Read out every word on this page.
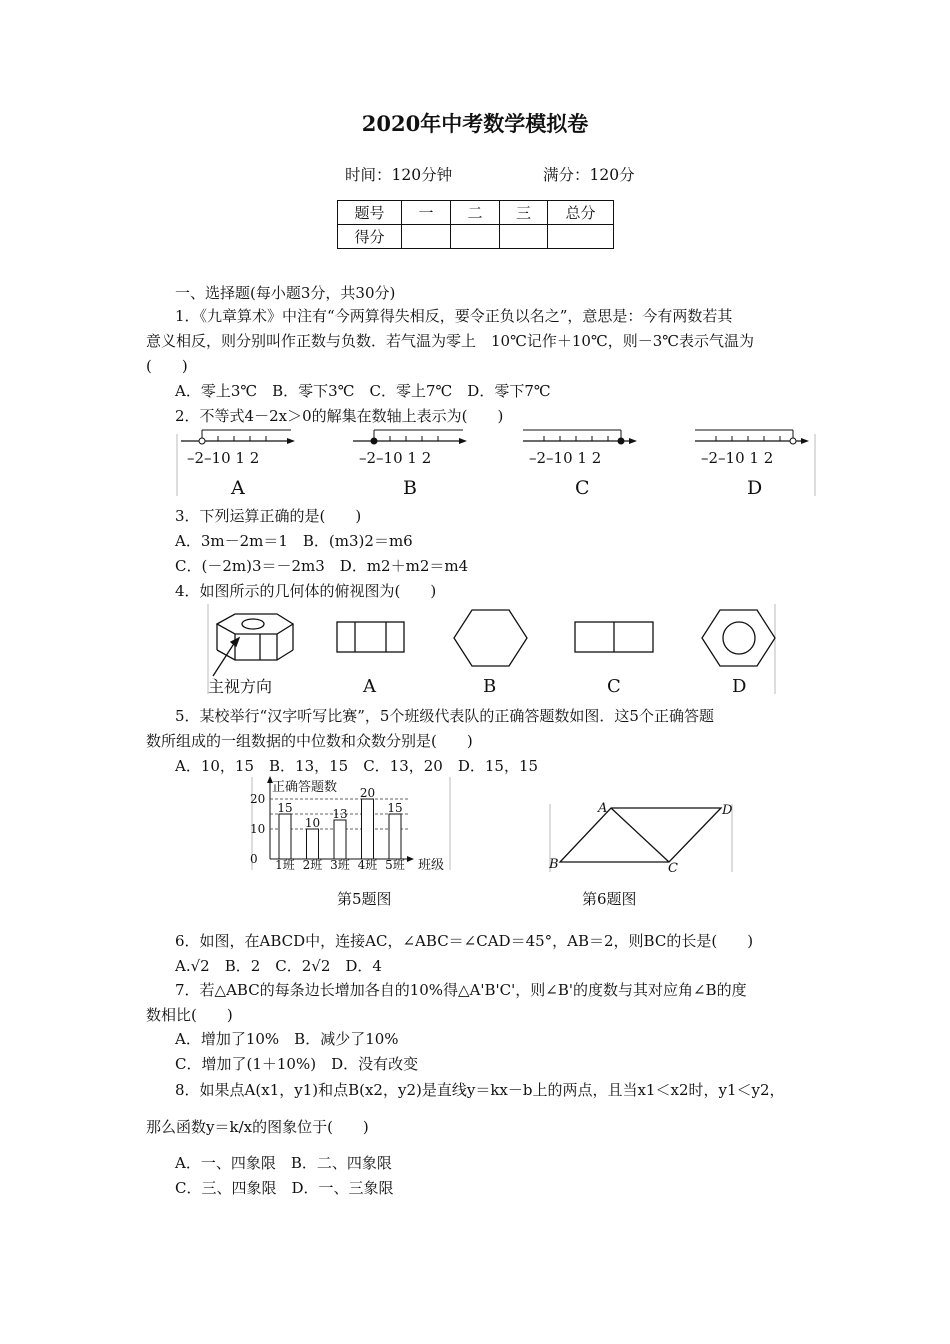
2020年中考数学模拟卷
时间：120分钟	满分：120分
题号	一	二	三	总分
得分				
一、选择题(每小题3分，共30分)
1．《九章算术》中注有“今两算得失相反，要令正负以名之”，意思是：今有两数若其
意义相反，则分别叫作正数与负数．若气温为零上　10℃记作＋10℃，则－3℃表示气温为
(　　)
A．零上3℃　B．零下3℃　C．零上7℃　D．零下7℃
2．不等式4－2x＞0的解集在数轴上表示为(　　)
–2–10 1 2
A
–2–10 1 2
B
–2–10 1 2
C
–2–10 1 2
D
3．下列运算正确的是(　　)
A．3m－2m＝1　B．(m3)2＝m6
C．(－2m)3＝－2m3　D．m2＋m2＝m4
4．如图所示的几何体的俯视图为(　　)
主视方向	A	B	C	D
5．某校举行“汉字听写比赛”，5个班级代表队的正确答题数如图．这5个正确答题
数所组成的一组数据的中位数和众数分别是(　　)
A．10，15　B．13，15　C．13，20　D．15，15
正确答题数
班级
0
10
20
15
1班
10
2班
13
3班
20
4班
15
5班
A	D
B	C
第5题图	第6题图
6．如图，在ABCD中，连接AC，∠ABC＝∠CAD＝45°，AB＝2，则BC的长是(　　)
A.√2　B．2　C．2√2　D．4
7．若△ABC的每条边长增加各自的10%得△A'B'C'，则∠B'的度数与其对应角∠B的度
数相比(　　)
A．增加了10%　B．减少了10%
C．增加了(1＋10%)　D．没有改变
8．如果点A(x1，y1)和点B(x2，y2)是直线y＝kx－b上的两点，且当x1＜x2时，y1＜y2，
那么函数y＝k/x的图象位于(　　)
A．一、四象限　B．二、四象限
C．三、四象限　D．一、三象限
